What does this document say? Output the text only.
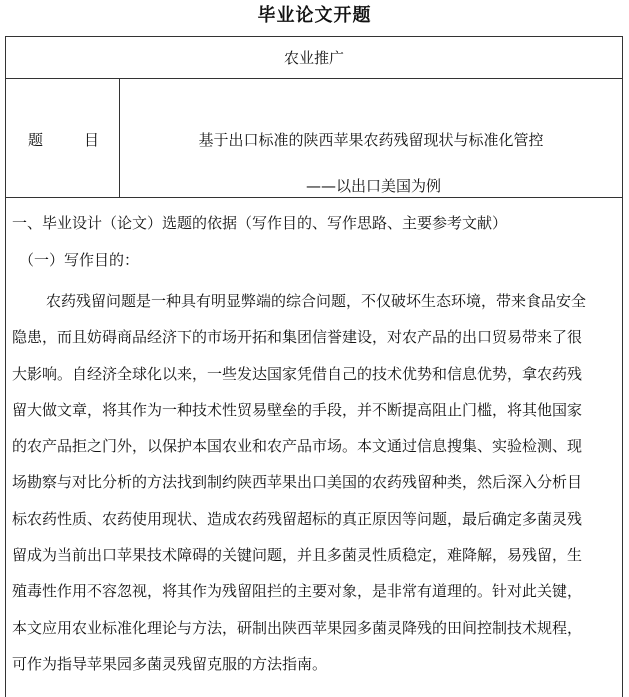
毕业论文开题
农业推广
题	目	基于出口标准的陕西苹果农药残留现状与标准化管控
——以出口美国为例
一、毕业设计（论文）选题的依据（写作目的、写作思路、主要参考文献）
（一）写作目的：
农药残留问题是一种具有明显弊端的综合问题，不仅破坏生态环境，带来食品安全
隐患，而且妨碍商品经济下的市场开拓和集团信誉建设，对农产品的出口贸易带来了很
大影响。自经济全球化以来，一些发达国家凭借自己的技术优势和信息优势，拿农药残
留大做文章，将其作为一种技术性贸易壁垒的手段，并不断提高阻止门槛，将其他国家
的农产品拒之门外，以保护本国农业和农产品市场。本文通过信息搜集、实验检测、现
场勘察与对比分析的方法找到制约陕西苹果出口美国的农药残留种类，然后深入分析目
标农药性质、农药使用现状、造成农药残留超标的真正原因等问题，最后确定多菌灵残
留成为当前出口苹果技术障碍的关键问题，并且多菌灵性质稳定，难降解，易残留，生
殖毒性作用不容忽视，将其作为残留阻拦的主要对象，是非常有道理的。针对此关键，
本文应用农业标准化理论与方法，研制出陕西苹果园多菌灵降残的田间控制技术规程，
可作为指导苹果园多菌灵残留克服的方法指南。
